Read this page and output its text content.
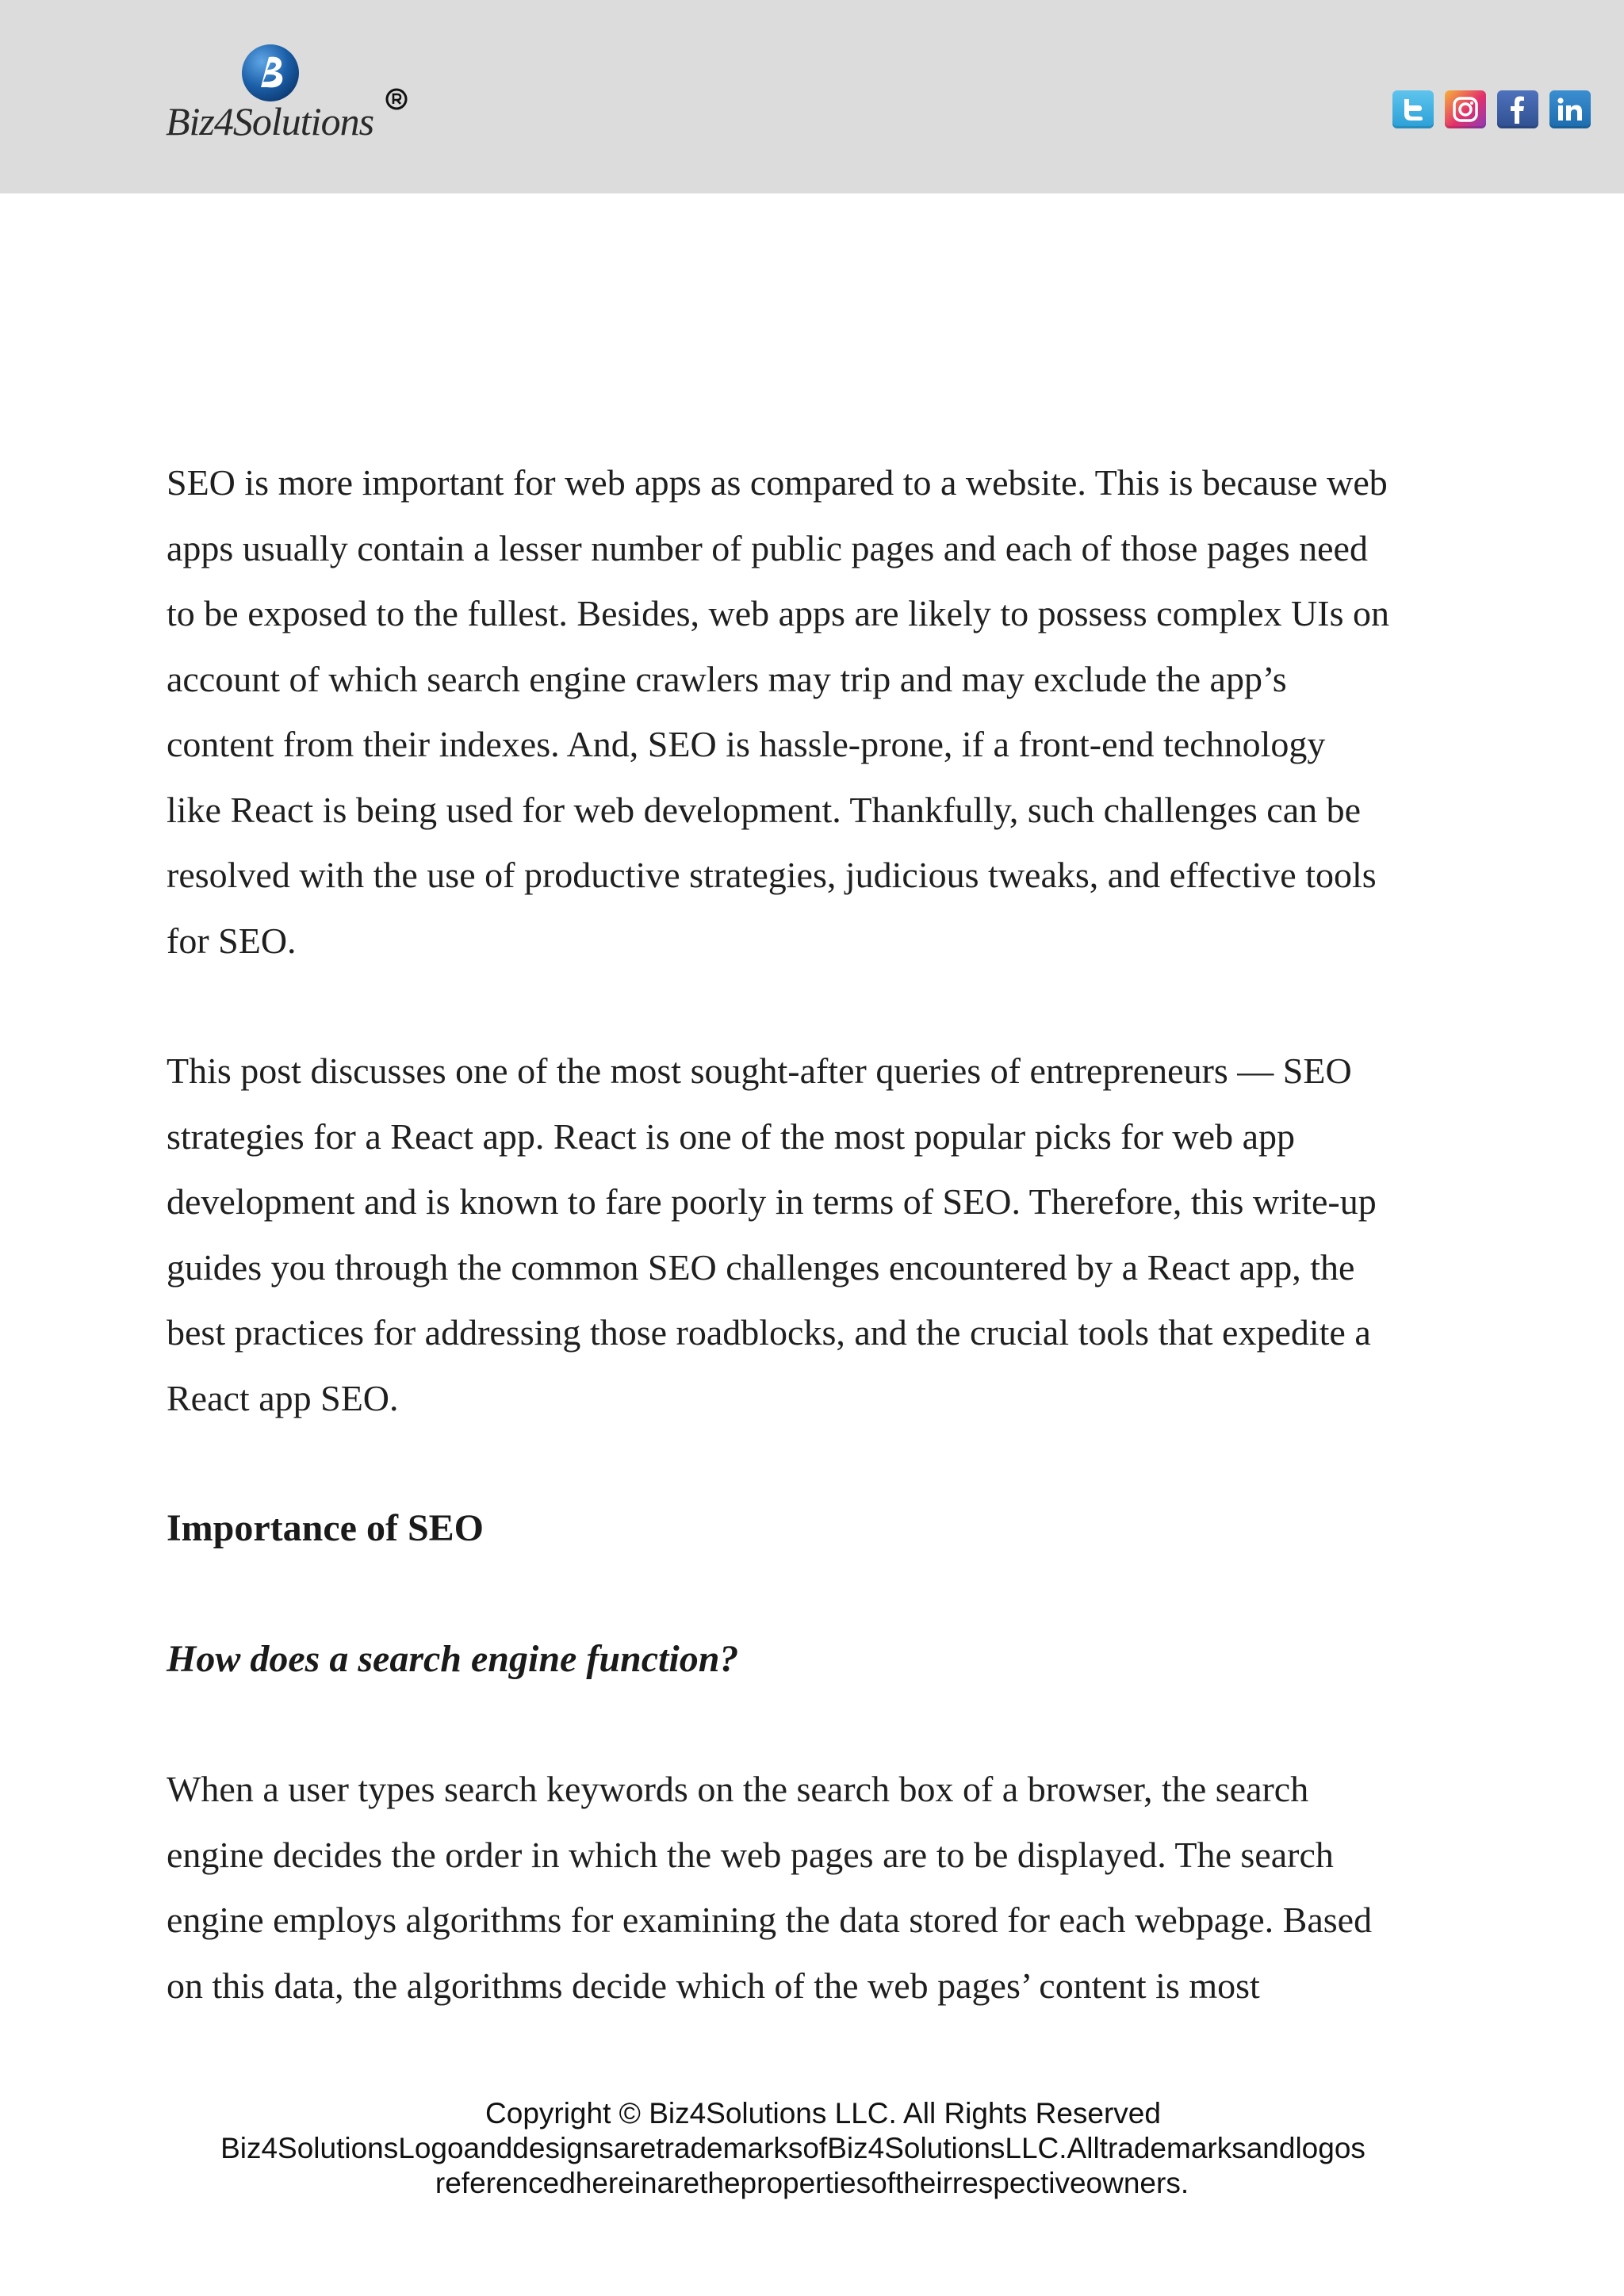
Biz4Solutions

SEO is more important for web apps as compared to a website. This is because web
apps usually contain a lesser number of public pages and each of those pages need
to be exposed to the fullest. Besides, web apps are likely to possess complex UIs on
account of which search engine crawlers may trip and may exclude the app’s
content from their indexes. And, SEO is hassle-prone, if a front-end technology
like React is being used for web development. Thankfully, such challenges can be
resolved with the use of productive strategies, judicious tweaks, and effective tools
for SEO.

This post discusses one of the most sought-after queries of entrepreneurs — SEO
strategies for a React app. React is one of the most popular picks for web app
development and is known to fare poorly in terms of SEO. Therefore, this write-up
guides you through the common SEO challenges encountered by a React app, the
best practices for addressing those roadblocks, and the crucial tools that expedite a
React app SEO.

Importance of SEO
How does a search engine function?

When a user types search keywords on the search box of a browser, the search
engine decides the order in which the web pages are to be displayed. The search
engine employs algorithms for examining the data stored for each webpage. Based
on this data, the algorithms decide which of the web pages’ content is most

Copyright © Biz4Solutions LLC. All Rights Reserved
Biz4SolutionsLogoanddesignsaretrademarksofBiz4SolutionsLLC.Alltrademarksandlogos
referencedhereinarethepropertiesoftheirrespectiveowners.
